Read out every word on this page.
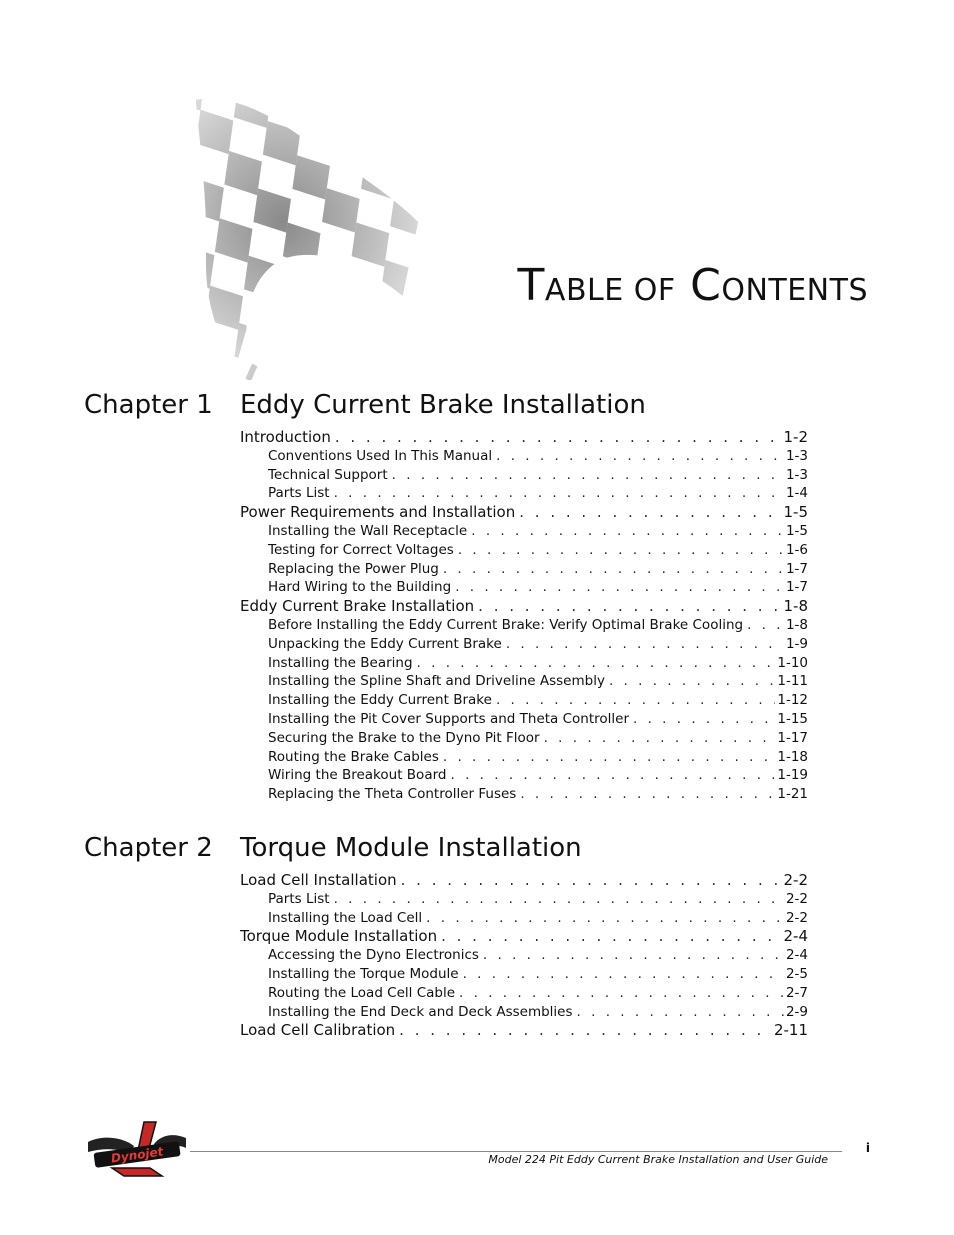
TABLE OF CONTENTS
Chapter 1 Eddy Current Brake Installation
Introduction . . .	1-2
Conventions Used In This Manual . . .	1-3
Technical Support . . .	1-3
Parts List . . .	1-4
Power Requirements and Installation . . .	1-5
Installing the Wall Receptacle . . .	1-5
Testing for Correct Voltages . . .	1-6
Replacing the Power Plug . . .	1-7
Hard Wiring to the Building . . .	1-7
Eddy Current Brake Installation . . .	1-8
Before Installing the Eddy Current Brake: Verify Optimal Brake Cooling . . .	1-8
Unpacking the Eddy Current Brake . . .	1-9
Installing the Bearing . . .	1-10
Installing the Spline Shaft and Driveline Assembly . . .	1-11
Installing the Eddy Current Brake . . .	1-12
Installing the Pit Cover Supports and Theta Controller . . .	1-15
Securing the Brake to the Dyno Pit Floor . . .	1-17
Routing the Brake Cables . . .	1-18
Wiring the Breakout Board . . .	1-19
Replacing the Theta Controller Fuses . . .	1-21
Chapter 2 Torque Module Installation
Load Cell Installation . . .	2-2
Parts List . . .	2-2
Installing the Load Cell . . .	2-2
Torque Module Installation . . .	2-4
Accessing the Dyno Electronics . . .	2-4
Installing the Torque Module . . .	2-5
Routing the Load Cell Cable . . .	2-7
Installing the End Deck and Deck Assemblies . . .	2-9
Load Cell Calibration . . .	2-11
Dynojet	Model 224 Pit Eddy Current Brake Installation and User Guide
i
